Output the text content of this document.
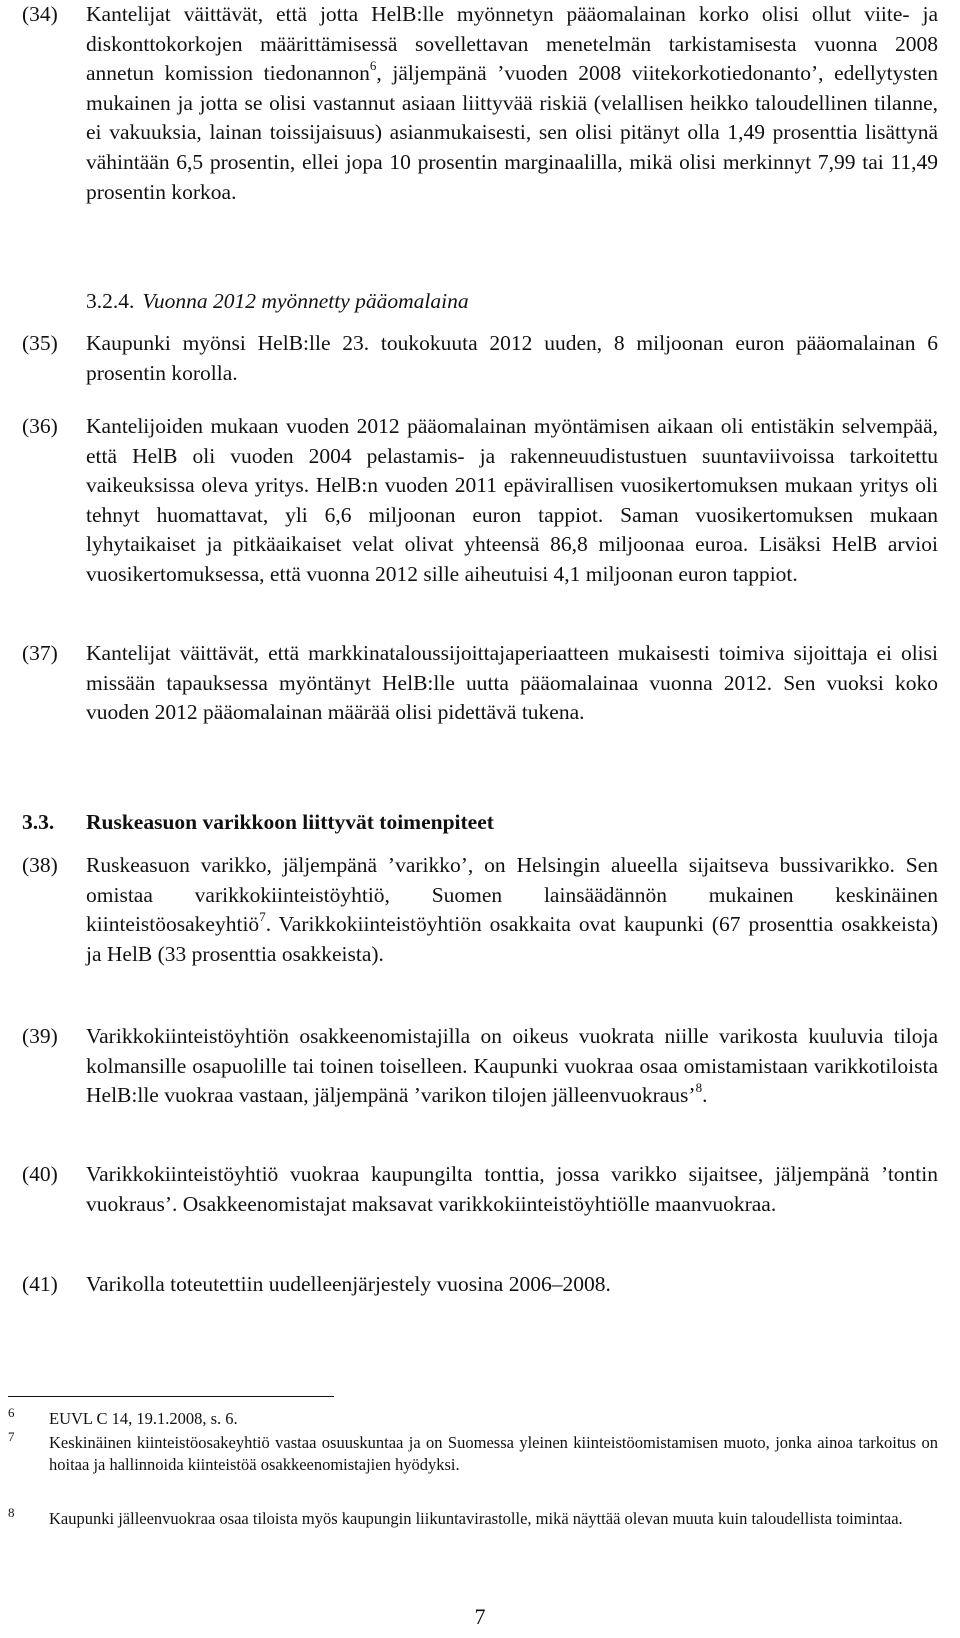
(34) Kantelijat väittävät, että jotta HelB:lle myönnetyn pääomalainan korko olisi ollut viite- ja diskonttokorkojen määrittämisessä sovellettavan menetelmän tarkistamisesta vuonna 2008 annetun komission tiedonannon$^6$, jäljempänä ’vuoden 2008 viitekorkotiedonanto’, edellytysten mukainen ja jotta se olisi vastannut asiaan liittyvää riskiä (velallisen heikko taloudellinen tilanne, ei vakuuksia, lainan toissijaisuus) asianmukaisesti, sen olisi pitänyt olla 1,49 prosenttia lisättynä vähintään 6,5 prosentin, ellei jopa 10 prosentin marginaalilla, mikä olisi merkinnyt 7,99 tai 11,49 prosentin korkoa.

3.2.4. Vuonna 2012 myönnetty pääomalaina
(35) Kaupunki myönsi HelB:lle 23. toukokuuta 2012 uuden, 8 miljoonan euron pääomalainan 6 prosentin korolla.

(36) Kantelijoiden mukaan vuoden 2012 pääomalainan myöntämisen aikaan oli entistäkin selvempää, että HelB oli vuoden 2004 pelastamis- ja rakenneuudistustuen suuntaviivoissa tarkoitettu vaikeuksissa oleva yritys. HelB:n vuoden 2011 epävirallisen vuosikertomuksen mukaan yritys oli tehnyt huomattavat, yli 6,6 miljoonan euron tappiot. Saman vuosikertomuksen mukaan lyhytaikaiset ja pitkäaikaiset velat olivat yhteensä 86,8 miljoonaa euroa. Lisäksi HelB arvioi vuosikertomuksessa, että vuonna 2012 sille aiheutuisi 4,1 miljoonan euron tappiot.

(37) Kantelijat väittävät, että markkinataloussijoittajaperiaatteen mukaisesti toimiva sijoittaja ei olisi missään tapauksessa myöntänyt HelB:lle uutta pääomalainaa vuonna 2012. Sen vuoksi koko vuoden 2012 pääomalainan määrää olisi pidettävä tukena.

3.3. Ruskeasuon varikkoon liittyvät toimenpiteet
(38) Ruskeasuon varikko, jäljempänä ’varikko’, on Helsingin alueella sijaitseva bussivarikko. Sen omistaa varikkokiinteistöyhtiö, Suomen lainsäädännön mukainen keskinäinen kiinteistöosakeyhtiö$^7$. Varikkokiinteistöyhtiön osakkaita ovat kaupunki (67 prosenttia osakkeista) ja HelB (33 prosenttia osakkeista).

(39) Varikkokiinteistöyhtiön osakkeenomistajilla on oikeus vuokrata niille varikosta kuuluvia tiloja kolmansille osapuolille tai toinen toiselleen. Kaupunki vuokraa osaa omistamistaan varikkotiloista HelB:lle vuokraa vastaan, jäljempänä ’varikon tilojen jälleenvuokraus’$^8$.

(40) Varikkokiinteistöyhtiö vuokraa kaupungilta tonttia, jossa varikko sijaitsee, jäljempänä ’tontin vuokraus’. Osakkeenomistajat maksavat varikkokiinteistöyhtiölle maanvuokraa.

(41) Varikolla toteutettiin uudelleenjärjestely vuosina 2006–2008.

6 EUVL C 14, 19.1.2008, s. 6.
7 Keskinäinen kiinteistöosakeyhtiö vastaa osuuskuntaa ja on Suomessa yleinen kiinteistöomistamisen muoto, jonka ainoa tarkoitus on hoitaa ja hallinnoida kiinteistöä osakkeenomistajien hyödyksi.
8 Kaupunki jälleenvuokraa osaa tiloista myös kaupungin liikuntavirastolle, mikä näyttää olevan muuta kuin taloudellista toimintaa.
7
